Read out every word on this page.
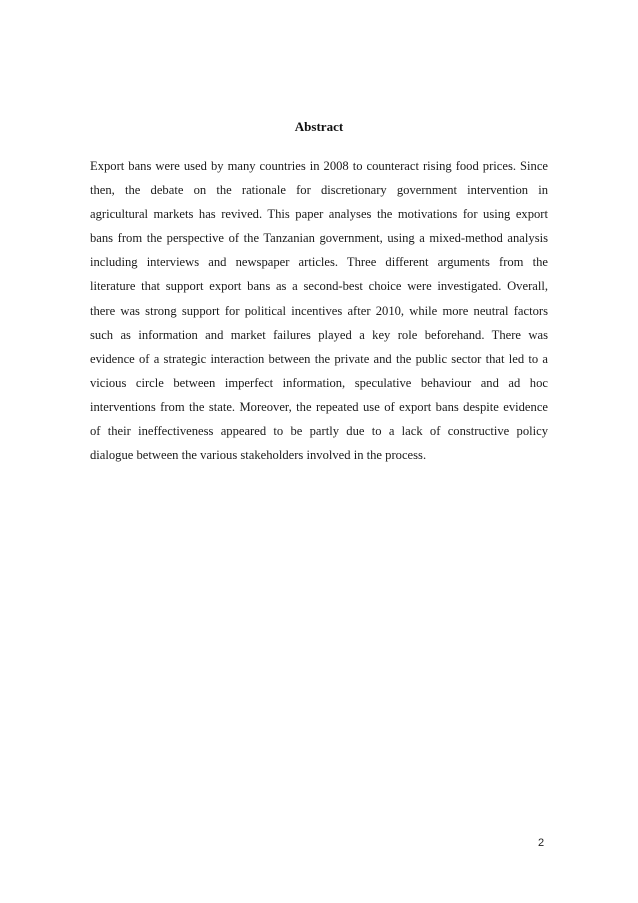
Abstract
Export bans were used by many countries in 2008 to counteract rising food prices. Since
then, the debate on the rationale for discretionary government intervention in
agricultural markets has revived. This paper analyses the motivations for using export
bans from the perspective of the Tanzanian government, using a mixed-method analysis
including interviews and newspaper articles. Three different arguments from the
literature that support export bans as a second-best choice were investigated. Overall,
there was strong support for political incentives after 2010, while more neutral factors
such as information and market failures played a key role beforehand. There was
evidence of a strategic interaction between the private and the public sector that led to a
vicious circle between imperfect information, speculative behaviour and ad hoc
interventions from the state. Moreover, the repeated use of export bans despite evidence
of their ineffectiveness appeared to be partly due to a lack of constructive policy
dialogue between the various stakeholders involved in the process.
2
